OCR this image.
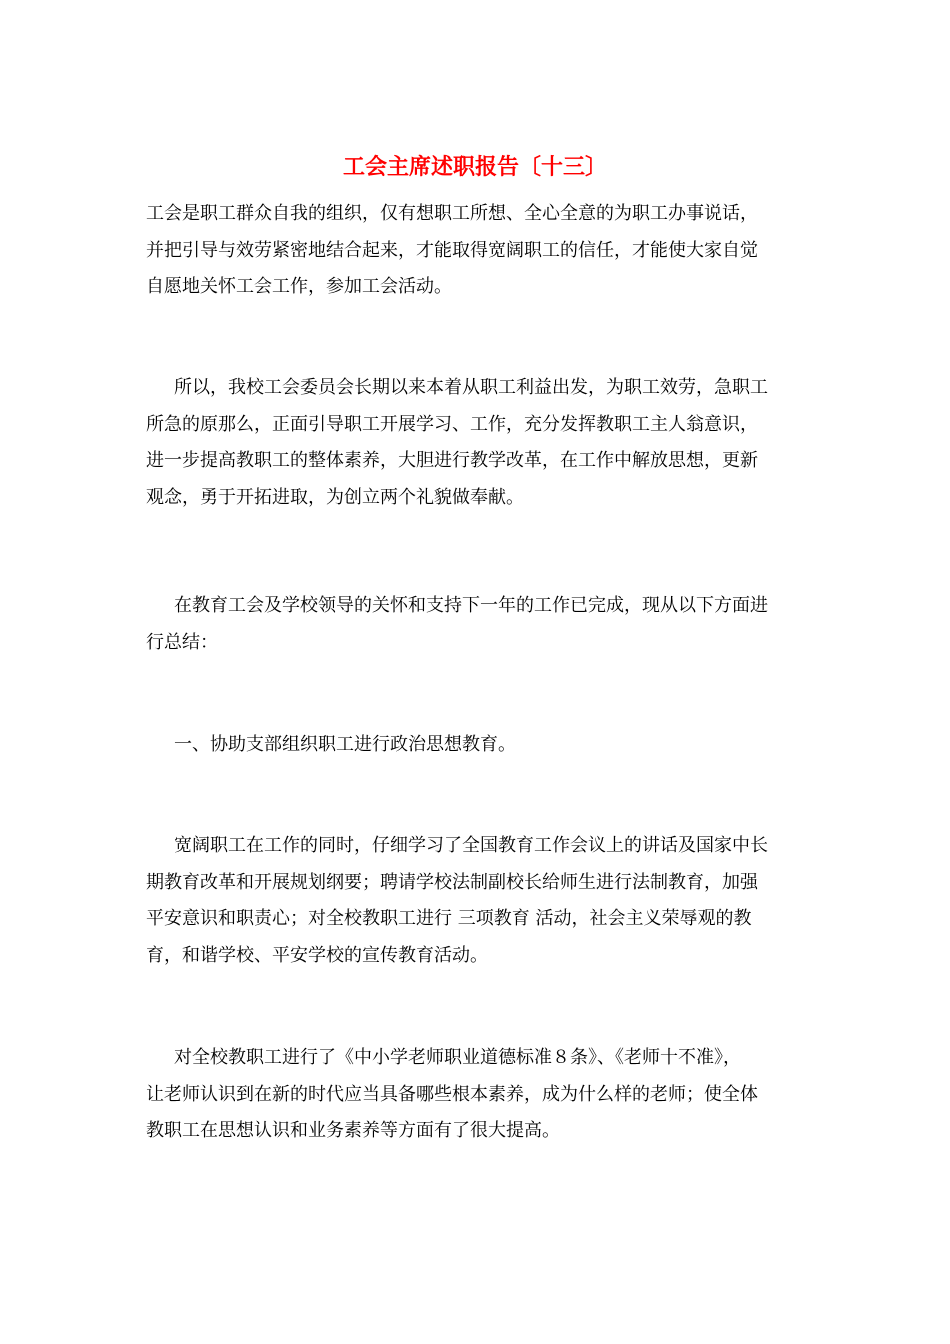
工会主席述职报告〔十三〕

工会是职工群众自我的组织，仅有想职工所想、全心全意的为职工办事说话，
并把引导与效劳紧密地结合起来，才能取得宽阔职工的信任，才能使大家自觉
自愿地关怀工会工作，参加工会活动。

所以，我校工会委员会长期以来本着从职工利益出发，为职工效劳，急职工
所急的原那么，正面引导职工开展学习、工作，充分发挥教职工主人翁意识，
进一步提高教职工的整体素养，大胆进行教学改革，在工作中解放思想，更新
观念，勇于开拓进取，为创立两个礼貌做奉献。

在教育工会及学校领导的关怀和支持下一年的工作已完成，现从以下方面进
行总结：

一、协助支部组织职工进行政治思想教育。

宽阔职工在工作的同时，仔细学习了全国教育工作会议上的讲话及国家中长
期教育改革和开展规划纲要；聘请学校法制副校长给师生进行法制教育，加强
平安意识和职责心；对全校教职工进行 三项教育 活动，社会主义荣辱观的教
育，和谐学校、平安学校的宣传教育活动。

对全校教职工进行了《中小学老师职业道德标准８条》、《老师十不准》，
让老师认识到在新的时代应当具备哪些根本素养，成为什么样的老师；使全体
教职工在思想认识和业务素养等方面有了很大提高。
